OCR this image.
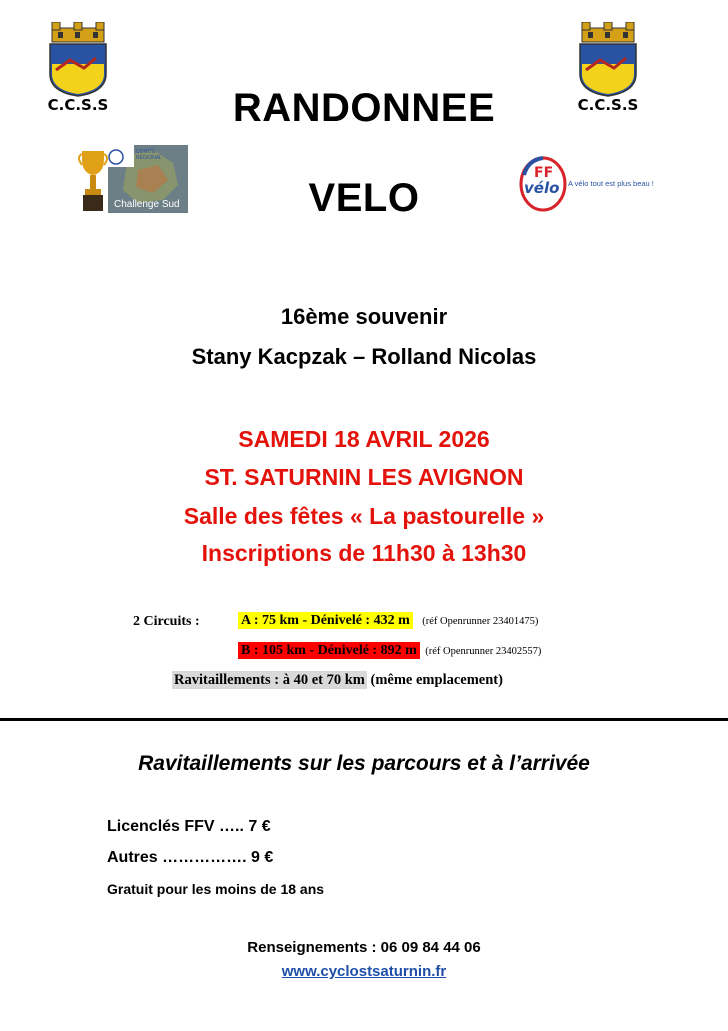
C.C.S.S	C.C.S.S
RANDONNEE
VELO
COMITÉ
RÉGIONAL
Challenge Sud
FF
vélo A vélo tout est plus beau !
16ème souvenir
Stany Kacpzak – Rolland Nicolas
SAMEDI 18 AVRIL 2026
ST. SATURNIN LES AVIGNON
Salle des fêtes « La pastourelle »
Inscriptions de 11h30 à 13h30
2 Circuits :	A : 75 km - Dénivelé : 432 m (réf Openrunner 23401475)
B : 105 km - Dénivelé : 892 m (réf Openrunner 23402557)
Ravitaillements : à 40 et 70 km (même emplacement)
Ravitaillements sur les parcours et à l’arrivée
Licenclés FFV ….. 7 €
Autres ……………. 9 €
Gratuit pour les moins de 18 ans
Renseignements : 06 09 84 44 06
www.cyclostsaturnin.fr
